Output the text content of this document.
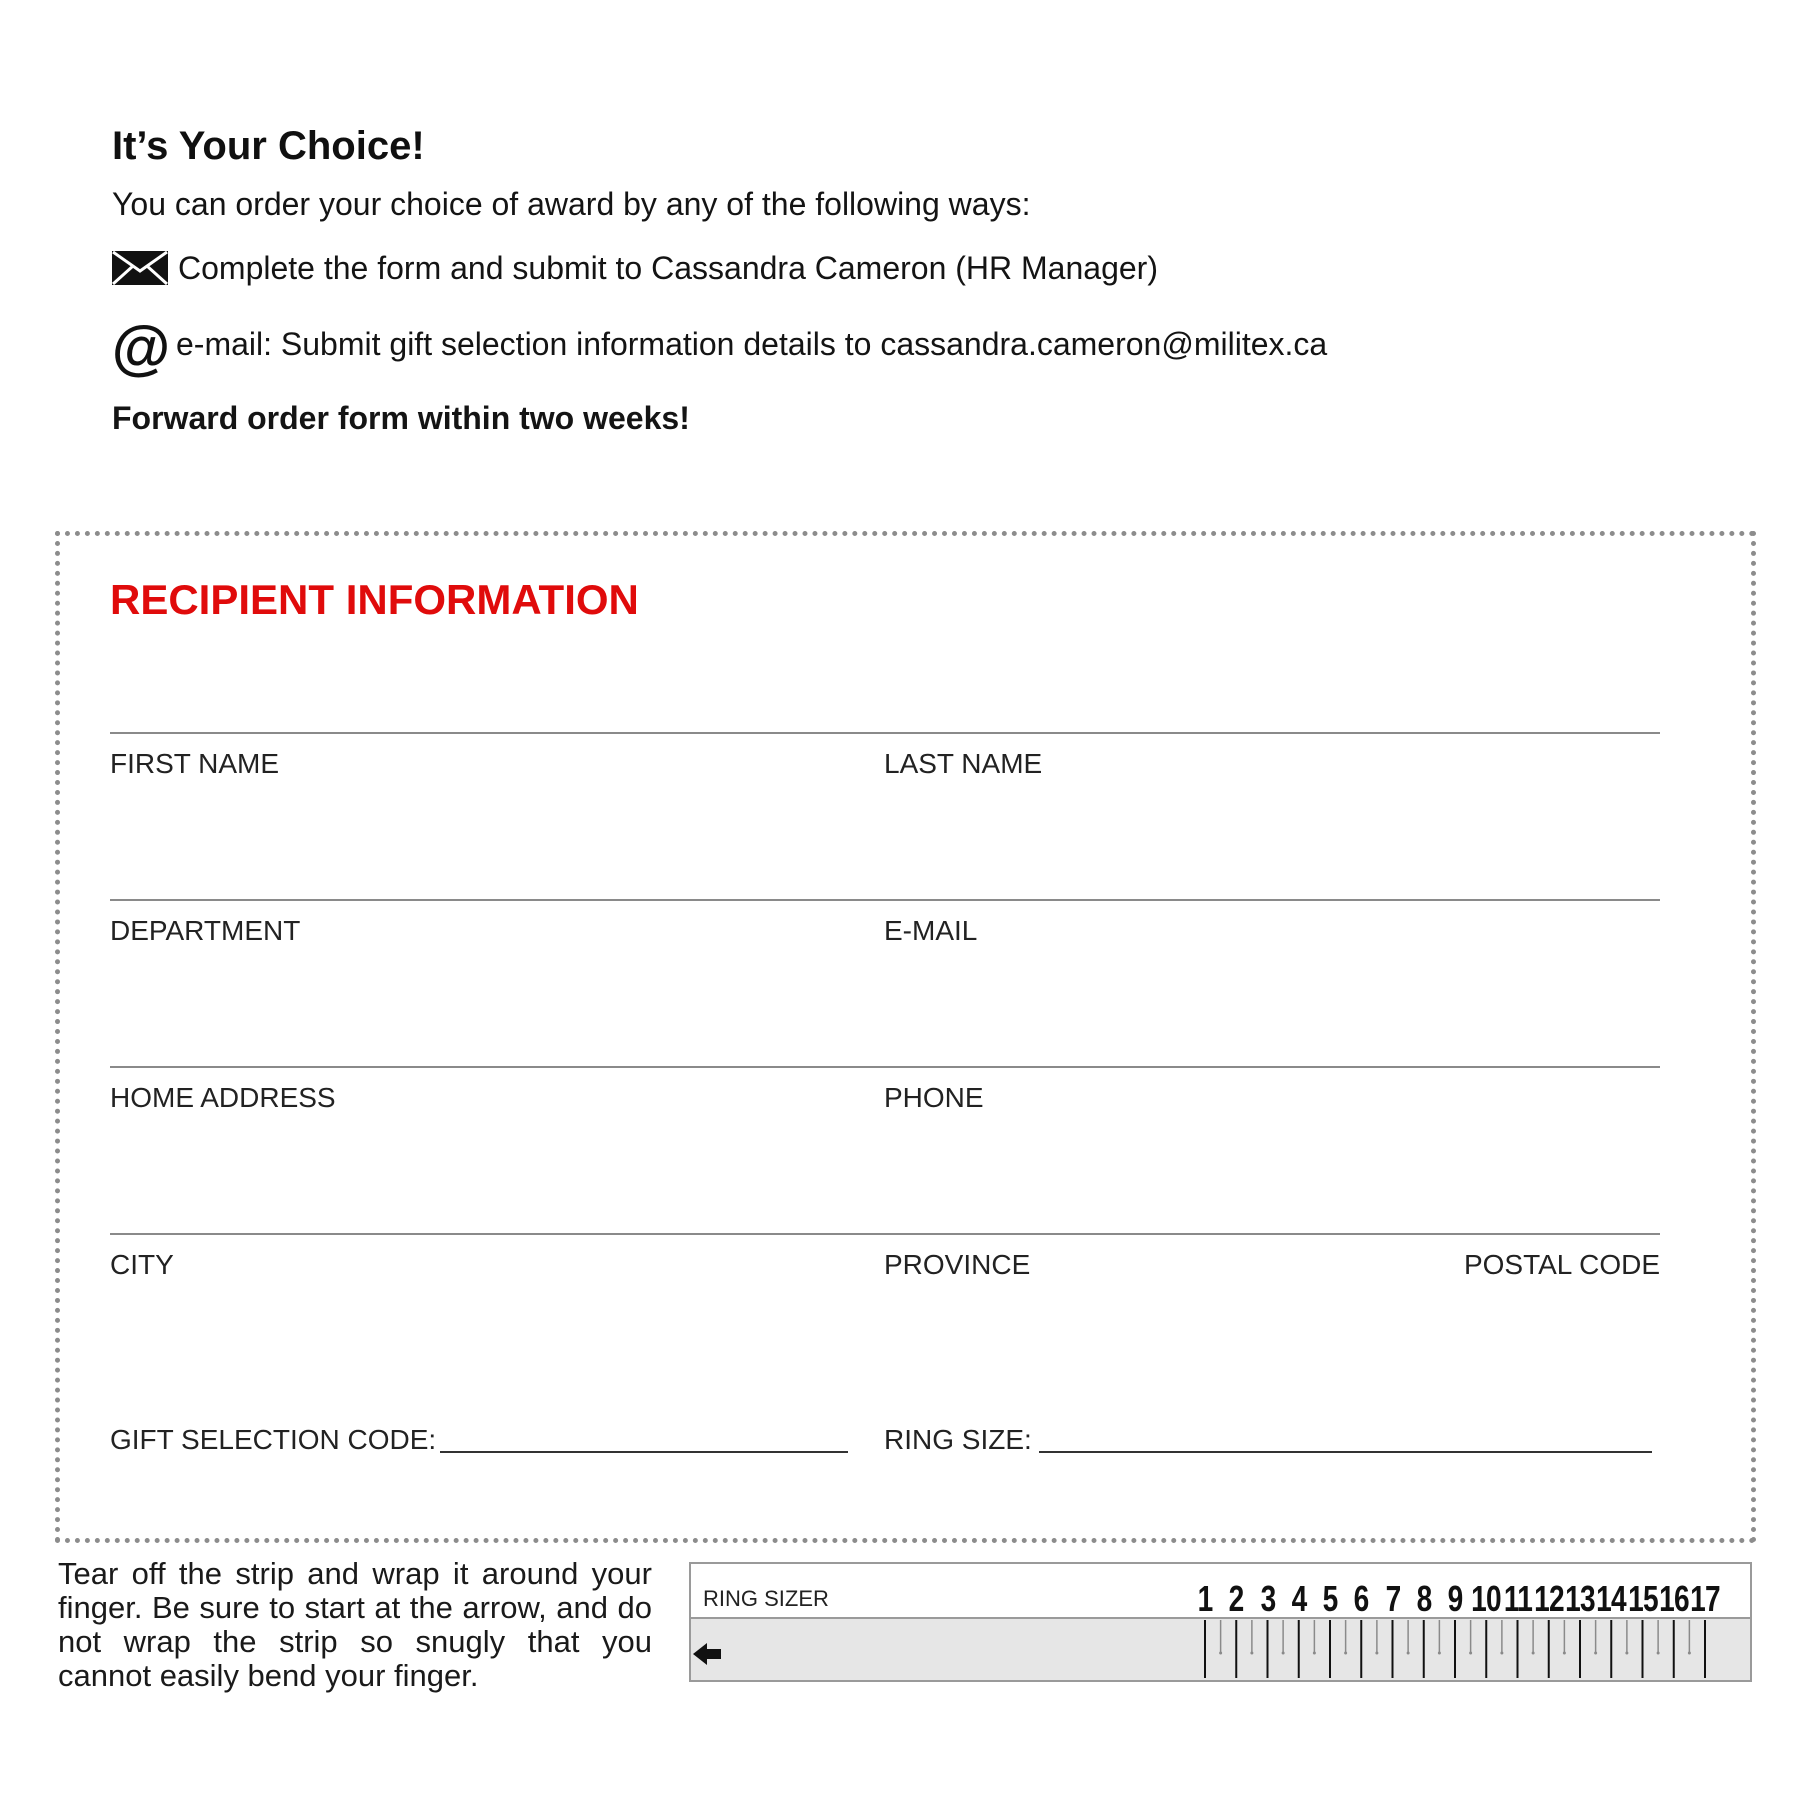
It’s Your Choice!
You can order your choice of award by any of the following ways:
Complete the form and submit to Cassandra Cameron (HR Manager)
@ e-mail: Submit gift selection information details to cassandra.cameron@militex.ca
Forward order form within two weeks!
RECIPIENT INFORMATION
FIRST NAME	LAST NAME
DEPARTMENT	E-MAIL
HOME ADDRESS	PHONE
CITY	PROVINCE	POSTAL CODE
GIFT SELECTION CODE:	RING SIZE:
Tear off the strip and wrap it around your finger. Be sure to start at the arrow, and do not wrap the strip so snugly that you cannot easily bend your finger.
RING SIZER	1 2 3 4 5 6 7 8 9 10 11 12 13 14 15 16 17
